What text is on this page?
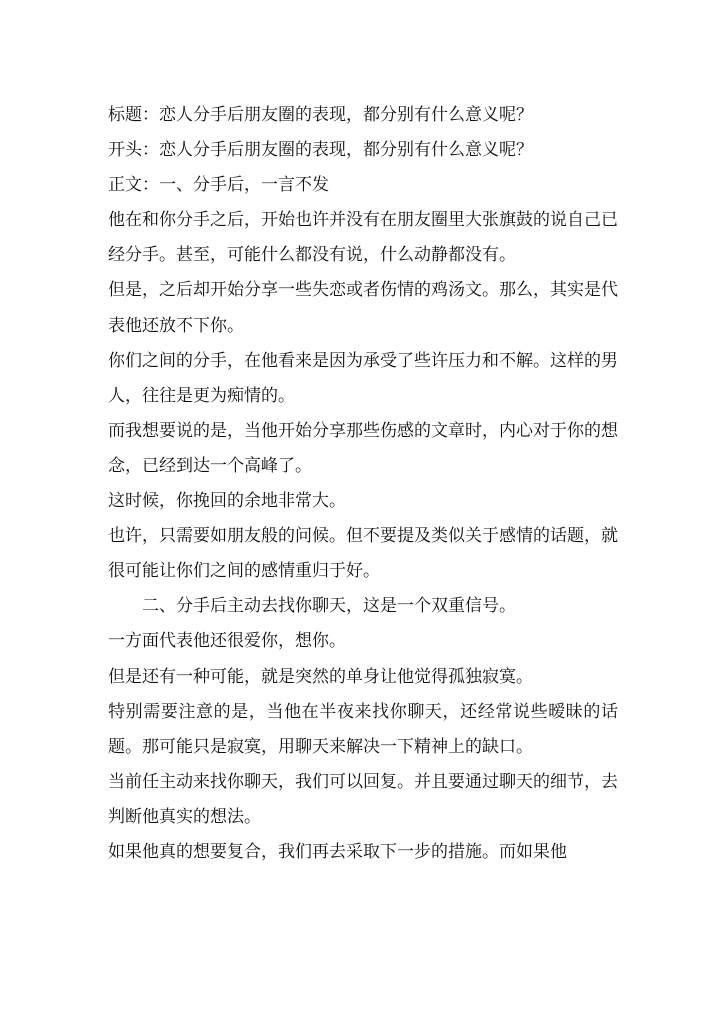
标题：恋人分手后朋友圈的表现，都分别有什么意义呢？

开头：恋人分手后朋友圈的表现，都分别有什么意义呢？

正文：一、分手后，一言不发

他在和你分手之后，开始也许并没有在朋友圈里大张旗鼓的说自己已经分手。甚至，可能什么都没有说，什么动静都没有。

但是，之后却开始分享一些失恋或者伤情的鸡汤文。那么，其实是代表他还放不下你。

你们之间的分手，在他看来是因为承受了些许压力和不解。这样的男人，往往是更为痴情的。

而我想要说的是，当他开始分享那些伤感的文章时，内心对于你的想念，已经到达一个高峰了。

这时候，你挽回的余地非常大。

也许，只需要如朋友般的问候。但不要提及类似关于感情的话题，就很可能让你们之间的感情重归于好。

二、分手后主动去找你聊天，这是一个双重信号。

一方面代表他还很爱你，想你。

但是还有一种可能，就是突然的单身让他觉得孤独寂寞。

特别需要注意的是，当他在半夜来找你聊天，还经常说些暧昧的话题。那可能只是寂寞，用聊天来解决一下精神上的缺口。

当前任主动来找你聊天，我们可以回复。并且要通过聊天的细节，去判断他真实的想法。

如果他真的想要复合，我们再去采取下一步的措施。而如果他
